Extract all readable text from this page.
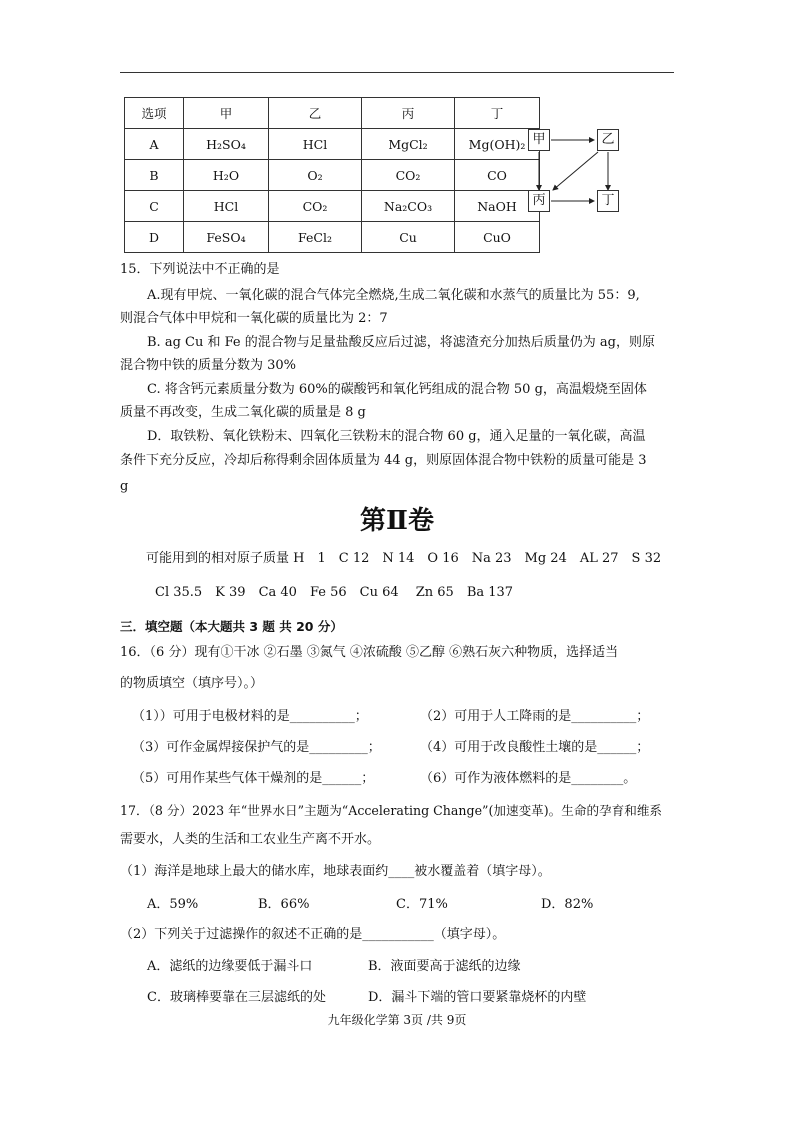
选项	甲	乙	丙	丁
A	H₂SO₄	HCl	MgCl₂	Mg(OH)₂
B	H₂O	O₂	CO₂	CO
C	HCl	CO₂	Na₂CO₃	NaOH
D	FeSO₄	FeCl₂	Cu	CuO
甲	乙
丙	丁
15．下列说法中不正确的是
A.现有甲烷、一氧化碳的混合气体完全燃烧,生成二氧化碳和水蒸气的质量比为 55：9,
则混合气体中甲烷和一氧化碳的质量比为 2：7
B. ag Cu 和 Fe 的混合物与足量盐酸反应后过滤，将滤渣充分加热后质量仍为 ag，则原
混合物中铁的质量分数为 30%
C. 将含钙元素质量分数为 60%的碳酸钙和氧化钙组成的混合物 50 g，高温煅烧至固体
质量不再改变，生成二氧化碳的质量是 8 g
D．取铁粉、氧化铁粉末、四氧化三铁粉末的混合物 60 g，通入足量的一氧化碳，高温
条件下充分反应，冷却后称得剩余固体质量为 44 g，则原固体混合物中铁粉的质量可能是 3
g
第Ⅱ卷
可能用到的相对原子质量 H　1　C 12　N 14　O 16　Na 23　Mg 24　AL 27　S 32
Cl 35.5　K 39　Ca 40　Fe 56　Cu 64　 Zn 65　Ba 137
三．填空题（本大题共 3 题 共 20 分）
16．（6 分）现有①干冰 ②石墨 ③氮气 ④浓硫酸 ⑤乙醇 ⑥熟石灰六种物质，选择适当
的物质填空（填序号）。）
（1））可用于电极材料的是__________；	（2）可用于人工降雨的是__________；
（3）可作金属焊接保护气的是_________；	（4）可用于改良酸性土壤的是______；
（5）可用作某些气体干燥剂的是______；	（6）可作为液体燃料的是________。
17．（8 分）2023 年“世界水日”主题为“Accelerating Change”(加速变革)。生命的孕育和维系
需要水，人类的生活和工农业生产离不开水。
（1）海洋是地球上最大的储水库，地球表面约____被水覆盖着（填字母）。
A．59%	B．66%	C．71%	D．82%
（2）下列关于过滤操作的叙述不正确的是___________（填字母）。
A．滤纸的边缘要低于漏斗口	B．液面要高于滤纸的边缘
C．玻璃棒要靠在三层滤纸的处	D．漏斗下端的管口要紧靠烧杯的内壁
九年级化学第 3页 /共 9页
